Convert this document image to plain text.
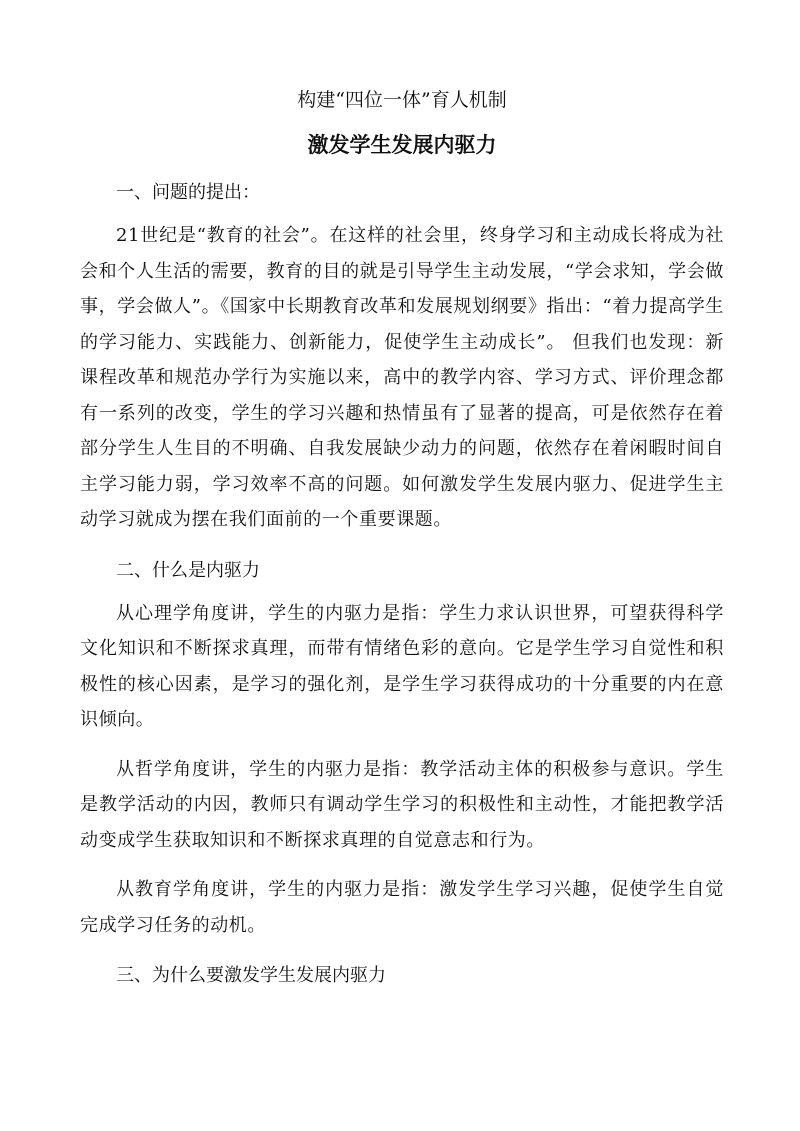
构建“四位一体”育人机制
激发学生发展内驱力
一、问题的提出：

21世纪是“教育的社会”。在这样的社会里，终身学习和主动成长将成为社会和个人生活的需要，教育的目的就是引导学生主动发展，“学会求知，学会做事，学会做人”。《国家中长期教育改革和发展规划纲要》指出：“着力提高学生的学习能力、实践能力、创新能力，促使学生主动成长”。 但我们也发现：新课程改革和规范办学行为实施以来，高中的教学内容、学习方式、评价理念都有一系列的改变，学生的学习兴趣和热情虽有了显著的提高，可是依然存在着部分学生人生目的不明确、自我发展缺少动力的问题，依然存在着闲暇时间自主学习能力弱，学习效率不高的问题。如何激发学生发展内驱力、促进学生主动学习就成为摆在我们面前的一个重要课题。

二、什么是内驱力

从心理学角度讲，学生的内驱力是指：学生力求认识世界，可望获得科学文化知识和不断探求真理，而带有情绪色彩的意向。它是学生学习自觉性和积极性的核心因素，是学习的强化剂，是学生学习获得成功的十分重要的内在意识倾向。

从哲学角度讲，学生的内驱力是指：教学活动主体的积极参与意识。学生是教学活动的内因，教师只有调动学生学习的积极性和主动性，才能把教学活动变成学生获取知识和不断探求真理的自觉意志和行为。

从教育学角度讲，学生的内驱力是指：激发学生学习兴趣，促使学生自觉完成学习任务的动机。

三、为什么要激发学生发展内驱力
